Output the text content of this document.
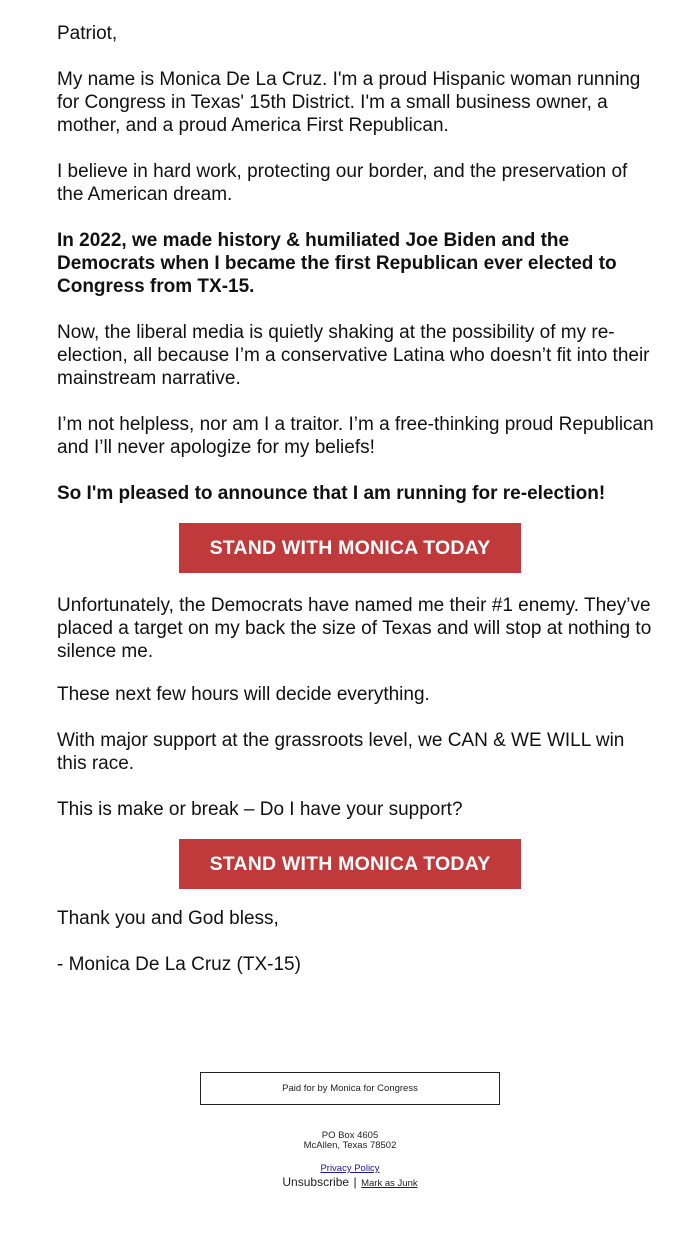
Patriot,

My name is Monica De La Cruz. I'm a proud Hispanic woman running for Congress in Texas' 15th District. I'm a small business owner, a mother, and a proud America First Republican.

I believe in hard work, protecting our border, and the preservation of the American dream.

In 2022, we made history & humiliated Joe Biden and the Democrats when I became the first Republican ever elected to Congress from TX-15.

Now, the liberal media is quietly shaking at the possibility of my re-election, all because I’m a conservative Latina who doesn’t fit into their mainstream narrative.

I’m not helpless, nor am I a traitor. I’m a free-thinking proud Republican and I’ll never apologize for my beliefs!

So I'm pleased to announce that I am running for re-election!

Unfortunately, the Democrats have named me their #1 enemy. They’ve placed a target on my back the size of Texas and will stop at nothing to silence me.

These next few hours will decide everything.

With major support at the grassroots level, we CAN & WE WILL win this race.

This is make or break – Do I have your support?

Thank you and God bless,

- Monica De La Cruz (TX-15)

STAND WITH MONICA TODAY
STAND WITH MONICA TODAY
Paid for by Monica for Congress
PO Box 4605
McAllen, Texas 78502
Privacy Policy
Unsubscribe | Mark as Junk
